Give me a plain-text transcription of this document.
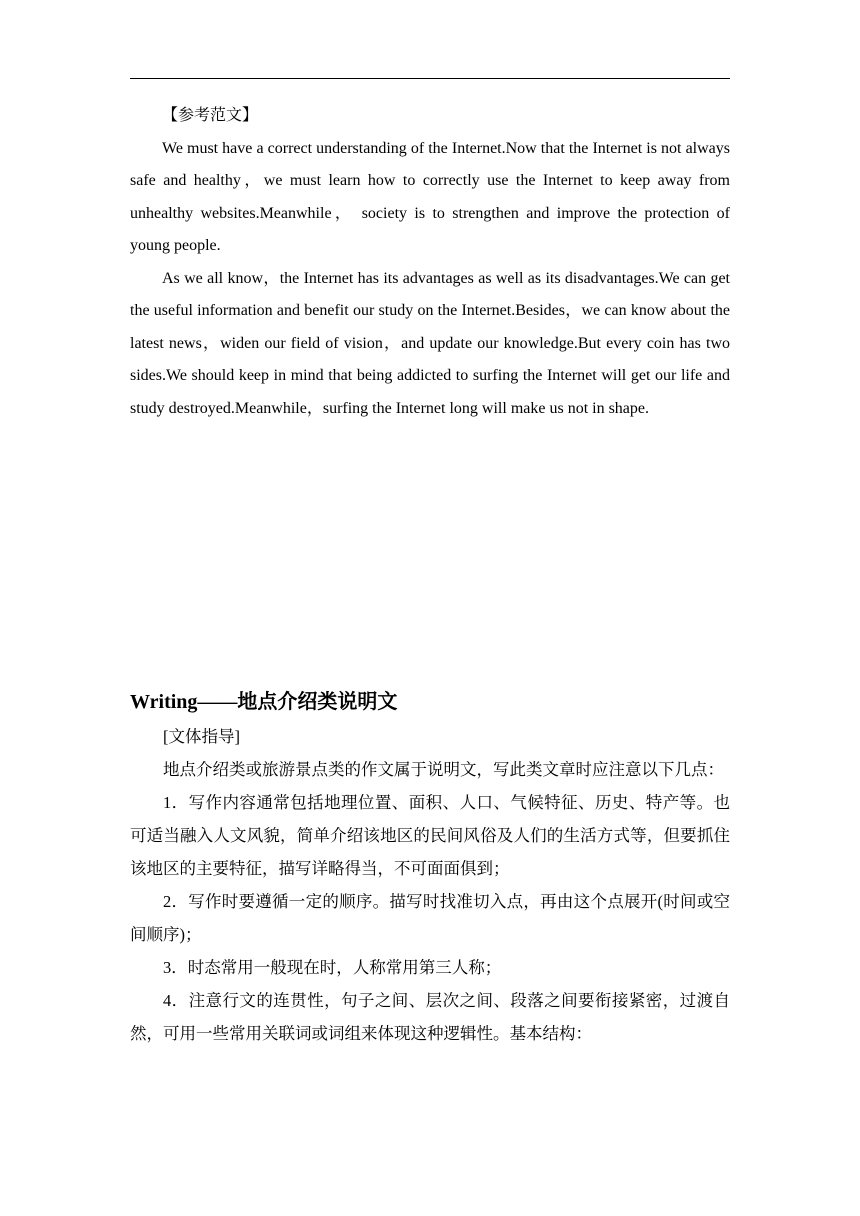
【参考范文】

We must have a correct understanding of the Internet.Now that the Internet is not always safe and healthy，we must learn how to correctly use the Internet to keep away from unhealthy websites.Meanwhile， society is to strengthen and improve the protection of young people.

As we all know，the Internet has its advantages as well as its disadvantages.We can get the useful information and benefit our study on the Internet.Besides，we can know about the latest news，widen our field of vision，and update our knowledge.But every coin has two sides.We should keep in mind that being addicted to surfing the Internet will get our life and study destroyed.Meanwhile，surfing the Internet long will make us not in shape.

Writing——地点介绍类说明文

[文体指导]

地点介绍类或旅游景点类的作文属于说明文，写此类文章时应注意以下几点：

1．写作内容通常包括地理位置、面积、人口、气候特征、历史、特产等。也可适当融入人文风貌，简单介绍该地区的民间风俗及人们的生活方式等，但要抓住该地区的主要特征，描写详略得当，不可面面俱到；

2．写作时要遵循一定的顺序。描写时找准切入点，再由这个点展开(时间或空间顺序)；

3．时态常用一般现在时，人称常用第三人称；

4．注意行文的连贯性，句子之间、层次之间、段落之间要衔接紧密，过渡自然，可用一些常用关联词或词组来体现这种逻辑性。基本结构：
